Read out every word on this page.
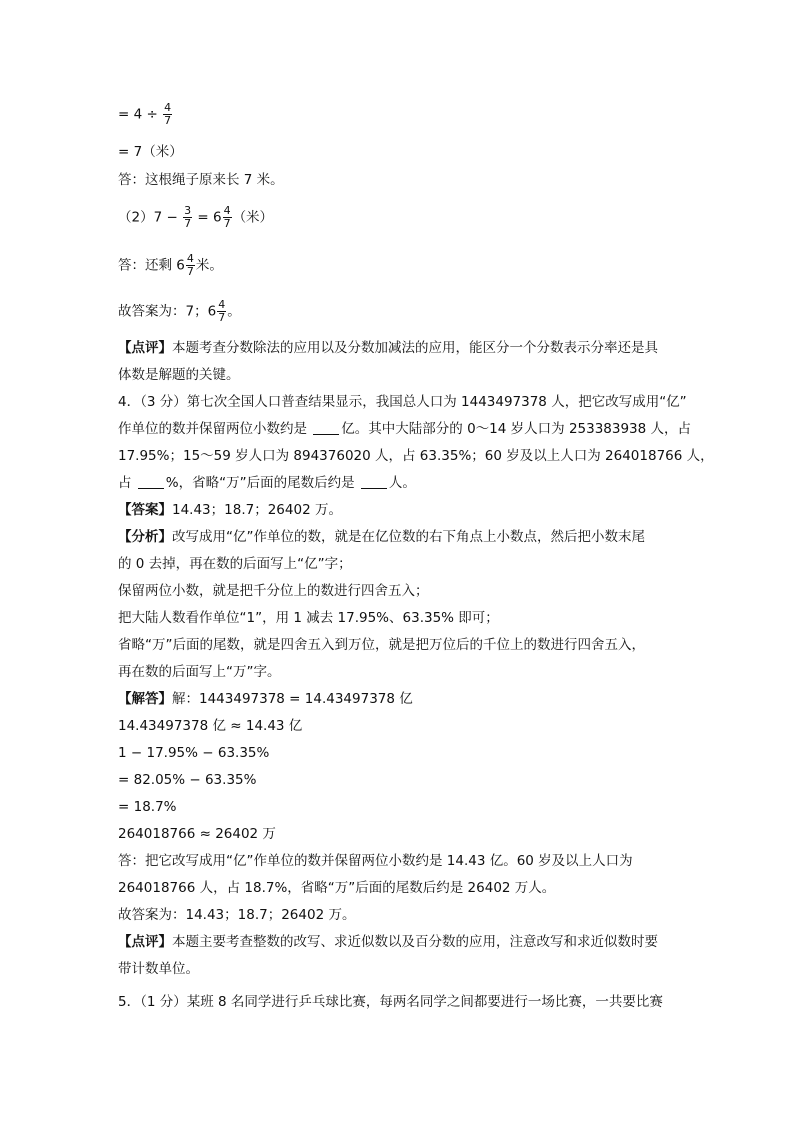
= $4 \div \frac{4}{7}$
= 7（米）
答：这根绳子原来长 7 米。
$(2)7 - \frac{3}{7} = 6 \frac{4}{7}$ （米）
答：还剩 $6 \frac{4}{7}$ 米。
故答案为：7；$6 \frac{4}{7}$ 。
【点评】本题考查分数除法的应用以及分数加减法的应用，能区分一个分数表示分率还是具
体数是解题的关键。
4．（3 分）第七次全国人口普查结果显示，我国总人口为 1443497378 人，把它改写成用“亿”
作单位的数并保留两位小数约是 亿。其中大陆部分的 0～14 岁人口为 253383938 人，占
17.95%；15～59 岁人口为 894376020 人，占 63.35%；60 岁及以上人口为 264018766 人，
占 %，省略“万”后面的尾数后约是 人。
【答案】14.43；18.7；26402 万。
【分析】改写成用“亿”作单位的数，就是在亿位数的右下角点上小数点，然后把小数末尾
的 0 去掉，再在数的后面写上“亿”字；
保留两位小数，就是把千分位上的数进行四舍五入；
把大陆人数看作单位“1”，用 1 减去 17.95%、63.35% 即可；
省略“万”后面的尾数，就是四舍五入到万位，就是把万位后的千位上的数进行四舍五入，
再在数的后面写上“万”字。
【解答】解：1443497378 = 14.43497378 亿
14.43497378 亿 ≈ 14.43 亿
1 − 17.95% − 63.35%
= 82.05% − 63.35%
= 18.7%
264018766 ≈ 26402 万
答：把它改写成用“亿”作单位的数并保留两位小数约是 14.43 亿。60 岁及以上人口为
264018766 人，占 18.7%，省略“万”后面的尾数后约是 26402 万人。
故答案为：14.43；18.7；26402 万。
【点评】本题主要考查整数的改写、求近似数以及百分数的应用，注意改写和求近似数时要
带计数单位。
5．（1 分）某班 8 名同学进行乒乓球比赛，每两名同学之间都要进行一场比赛，一共要比赛
